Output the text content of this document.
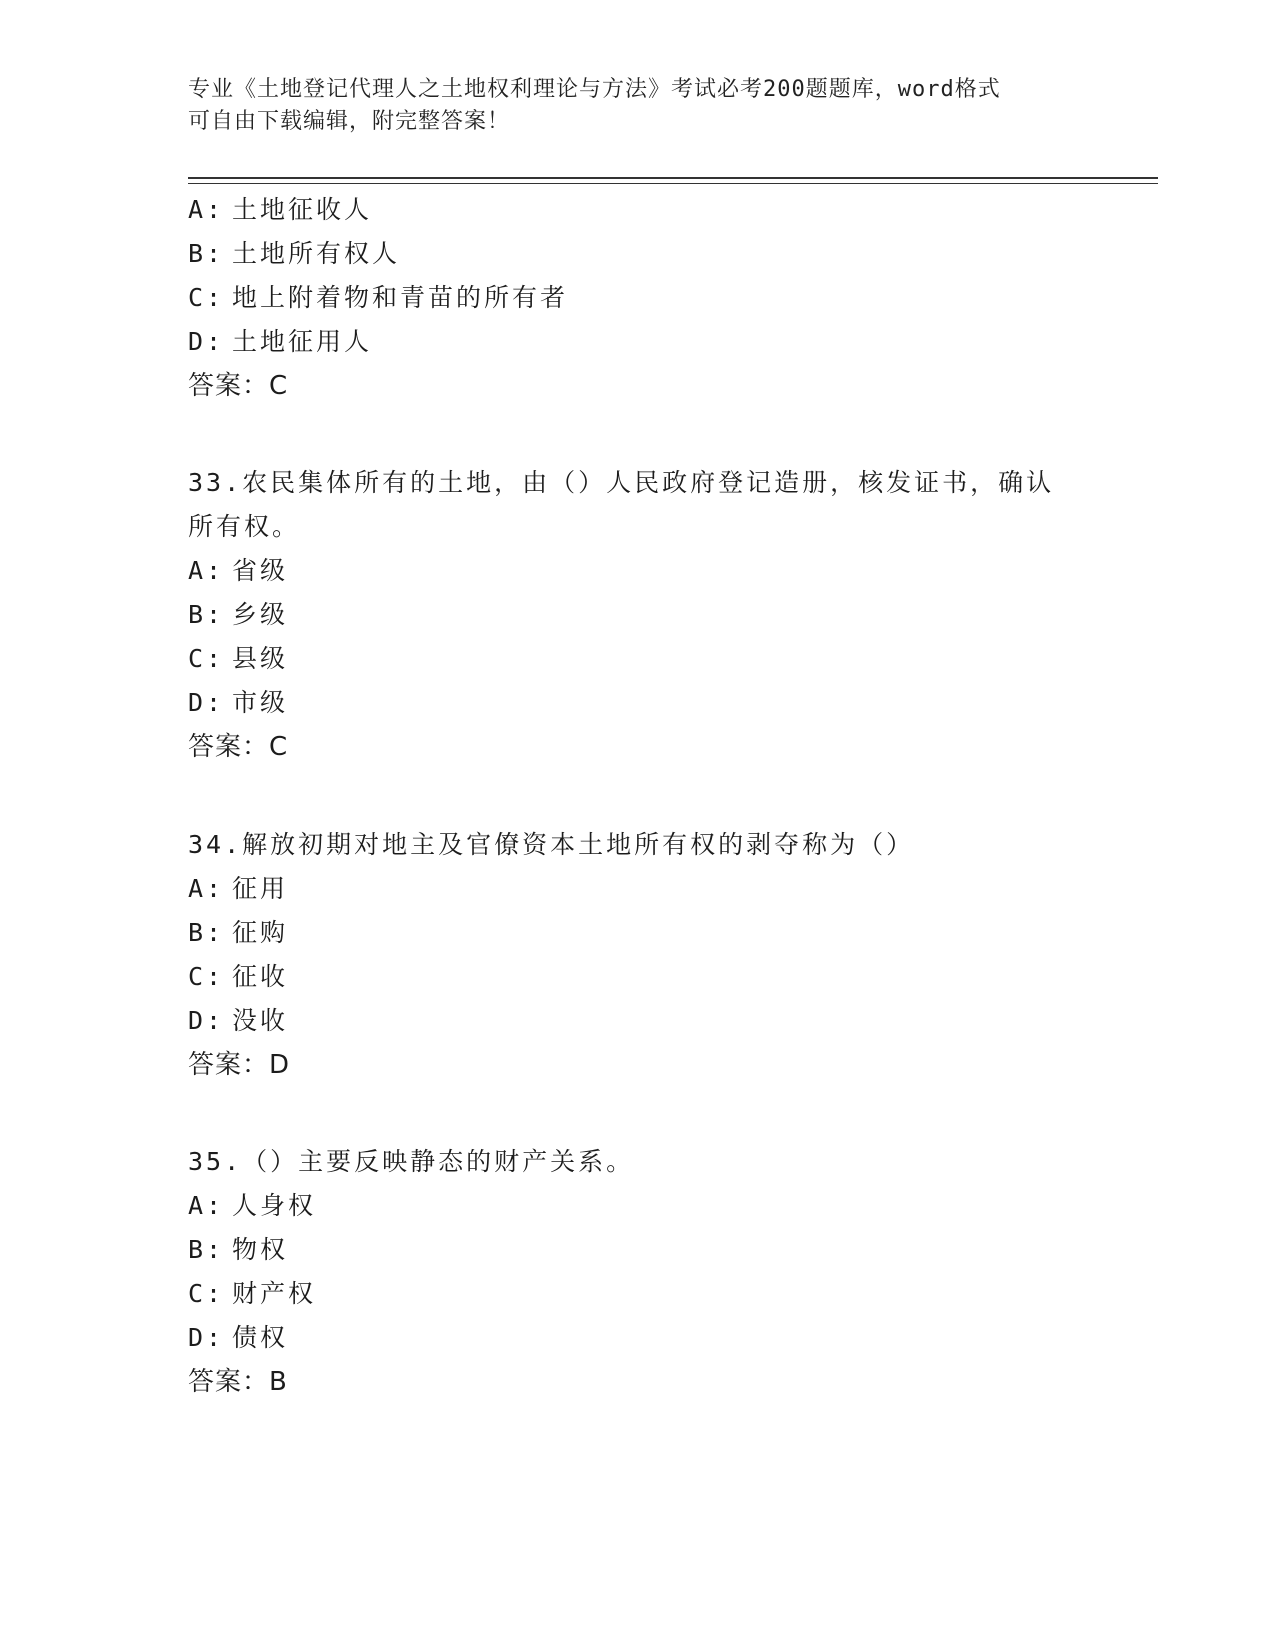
专业《土地登记代理人之土地权利理论与方法》考试必考200题题库，word格式
可自由下载编辑，附完整答案！
A: 土地征收人
B: 土地所有权人
C: 地上附着物和青苗的所有者
D: 土地征用人
答案：C
33.农民集体所有的土地，由（）人民政府登记造册，核发证书，确认
所有权。
A: 省级
B: 乡级
C: 县级
D: 市级
答案：C
34.解放初期对地主及官僚资本土地所有权的剥夺称为（）
A: 征用
B: 征购
C: 征收
D: 没收
答案：D
35.（）主要反映静态的财产关系。
A: 人身权
B: 物权
C: 财产权
D: 债权
答案：B
